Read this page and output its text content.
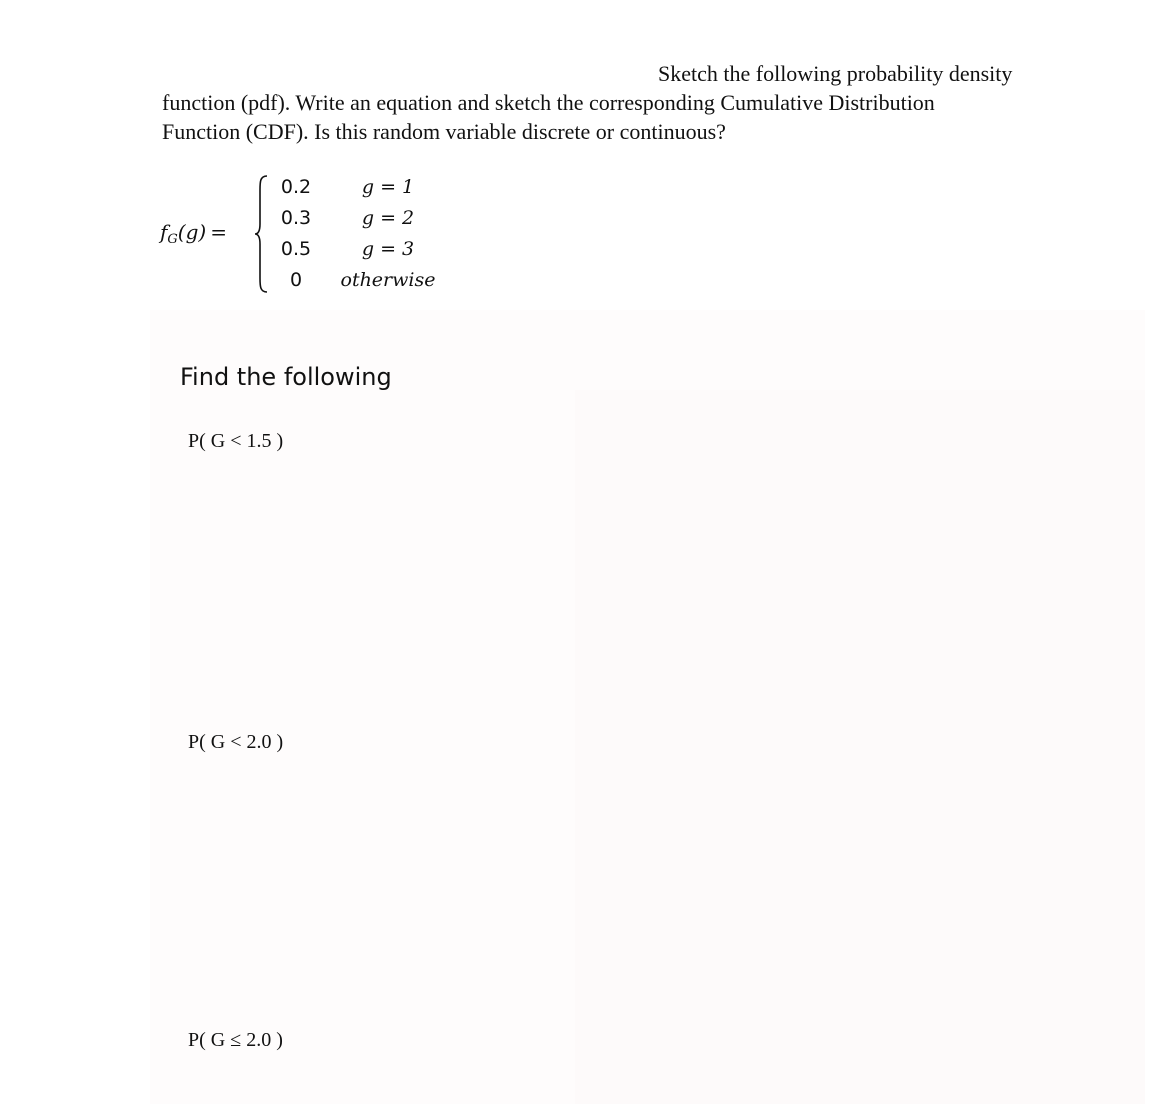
Sketch the following probability density

function (pdf). Write an equation and sketch the corresponding Cumulative Distribution

Function (CDF). Is this random variable discrete or continuous?

$f_G(g)$ =
0.2
0.3
0.5
0
g = 1
g = 2
g = 3
otherwise
Find the following
P( G < 1.5 )
P( G < 2.0 )
P( G ≤ 2.0 )
